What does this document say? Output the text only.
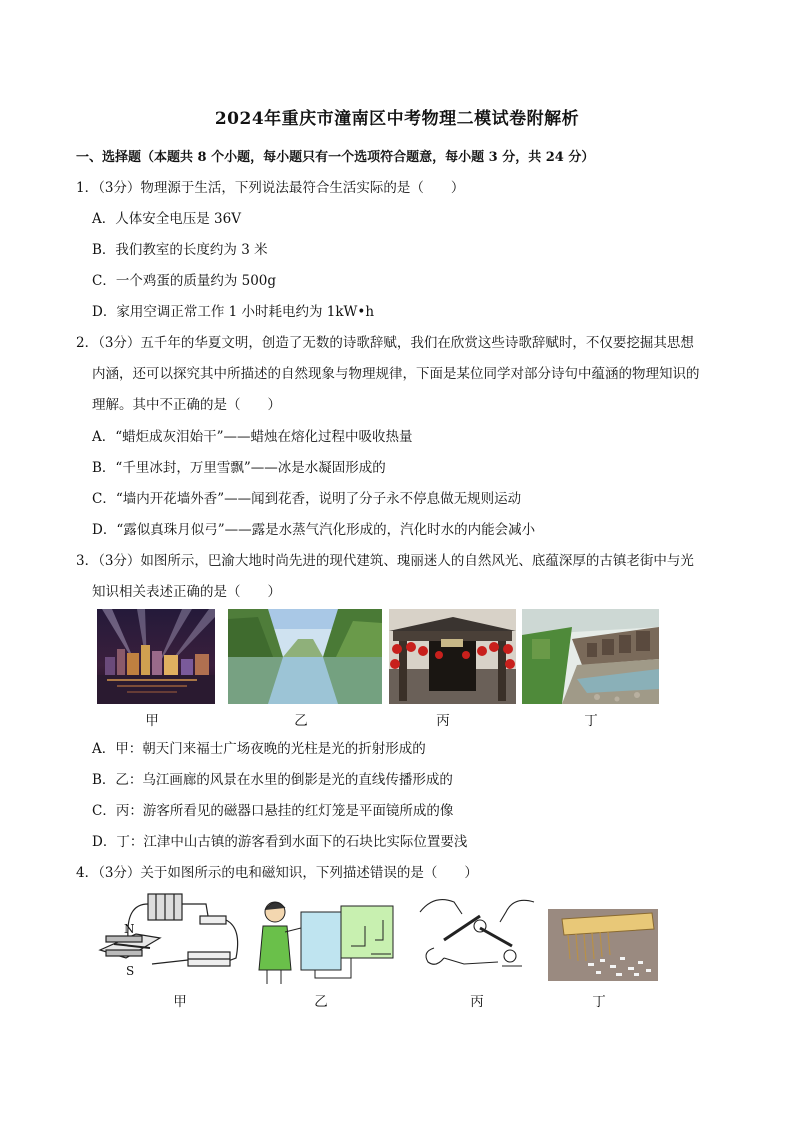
2024年重庆市潼南区中考物理二模试卷附解析
一、选择题（本题共 8 个小题，每小题只有一个选项符合题意，每小题 3 分，共 24 分）
1．（3分）物理源于生活，下列说法最符合生活实际的是（　　）
A．人体安全电压是 36V
B．我们教室的长度约为 3 米
C．一个鸡蛋的质量约为 500g
D．家用空调正常工作 1 小时耗电约为 1kW•h
2．（3分）五千年的华夏文明，创造了无数的诗歌辞赋，我们在欣赏这些诗歌辞赋时，不仅要挖掘其思想
内涵，还可以探究其中所描述的自然现象与物理规律，下面是某位同学对部分诗句中蕴涵的物理知识的
理解。其中不正确的是（　　）
A．“蜡炬成灰泪始干”——蜡烛在熔化过程中吸收热量
B．“千里冰封，万里雪飘”——冰是水凝固形成的
C．“墙内开花墙外香”——闻到花香，说明了分子永不停息做无规则运动
D．“露似真珠月似弓”——露是水蒸气汽化形成的，汽化时水的内能会减小
3．（3分）如图所示，巴渝大地时尚先进的现代建筑、瑰丽迷人的自然风光、底蕴深厚的古镇老街中与光
知识相关表述正确的是（　　）
甲	乙	丙	丁
A．甲：朝天门来福士广场夜晚的光柱是光的折射形成的
B．乙：乌江画廊的风景在水里的倒影是光的直线传播形成的
C．丙：游客所看见的磁器口悬挂的红灯笼是平面镜所成的像
D．丁：江津中山古镇的游客看到水面下的石块比实际位置要浅
4．（3分）关于如图所示的电和磁知识，下列描述错误的是（　　）
N
S
甲	乙	丙	丁
